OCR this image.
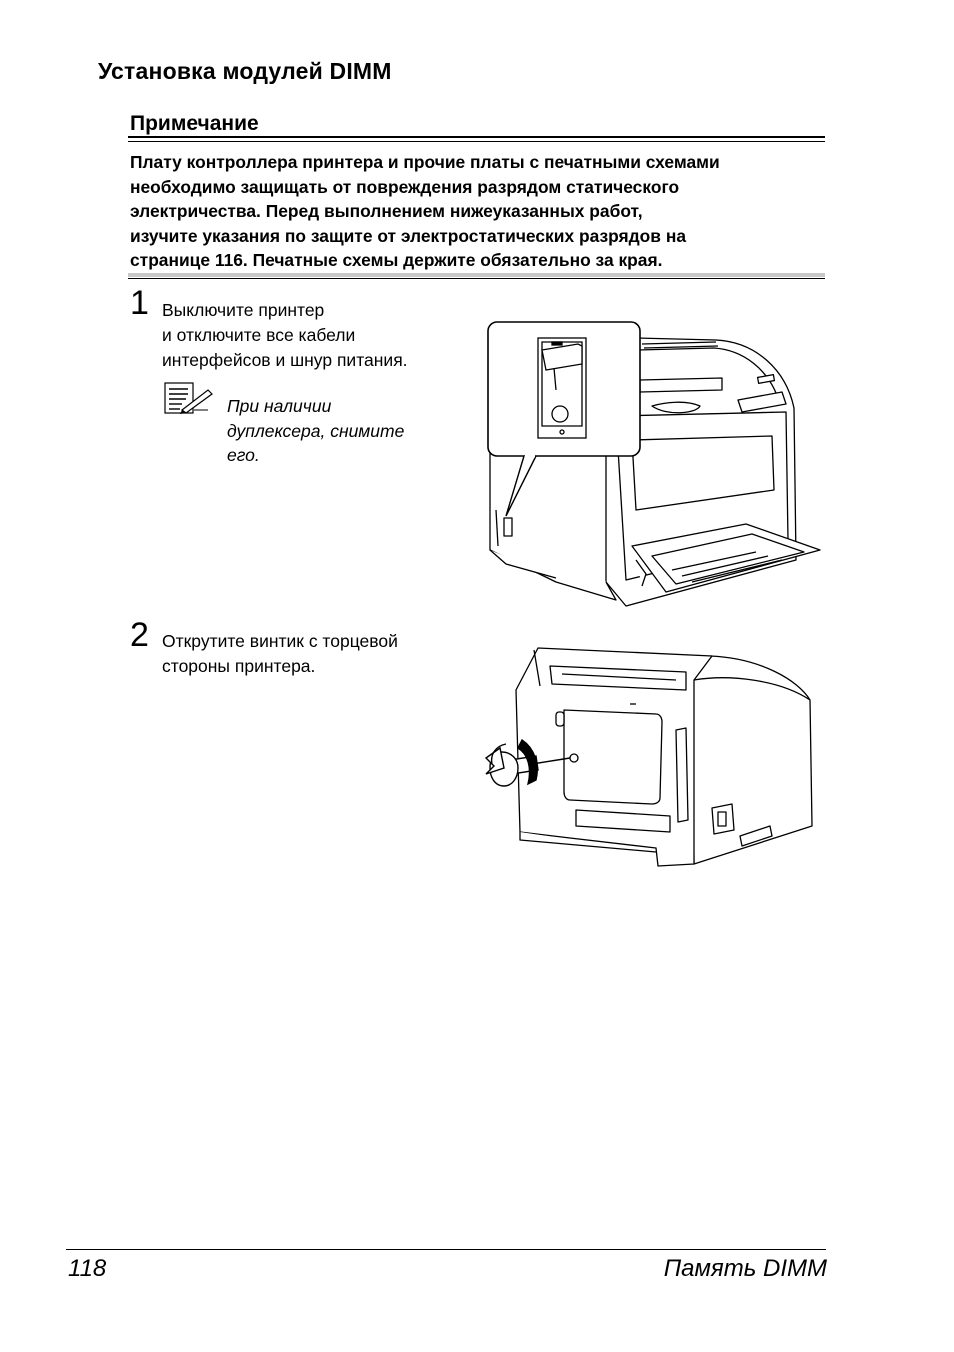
Установка модулей DIMM
Примечание
Плату контроллера принтера и прочие платы с печатными схемами
необходимо защищать от повреждения разрядом статического
электричества. Перед выполнением нижеуказанных работ,
изучите указания по защите от электростатических разрядов на
странице 116. Печатные схемы держите обязательно за края.
1 Выключите принтер
и отключите все кабели
интерфейсов и шнур питания.
При наличии
дуплексера, снимите
его.
2 Открутите винтик с торцевой
стороны принтера.
118	Память DIMM
